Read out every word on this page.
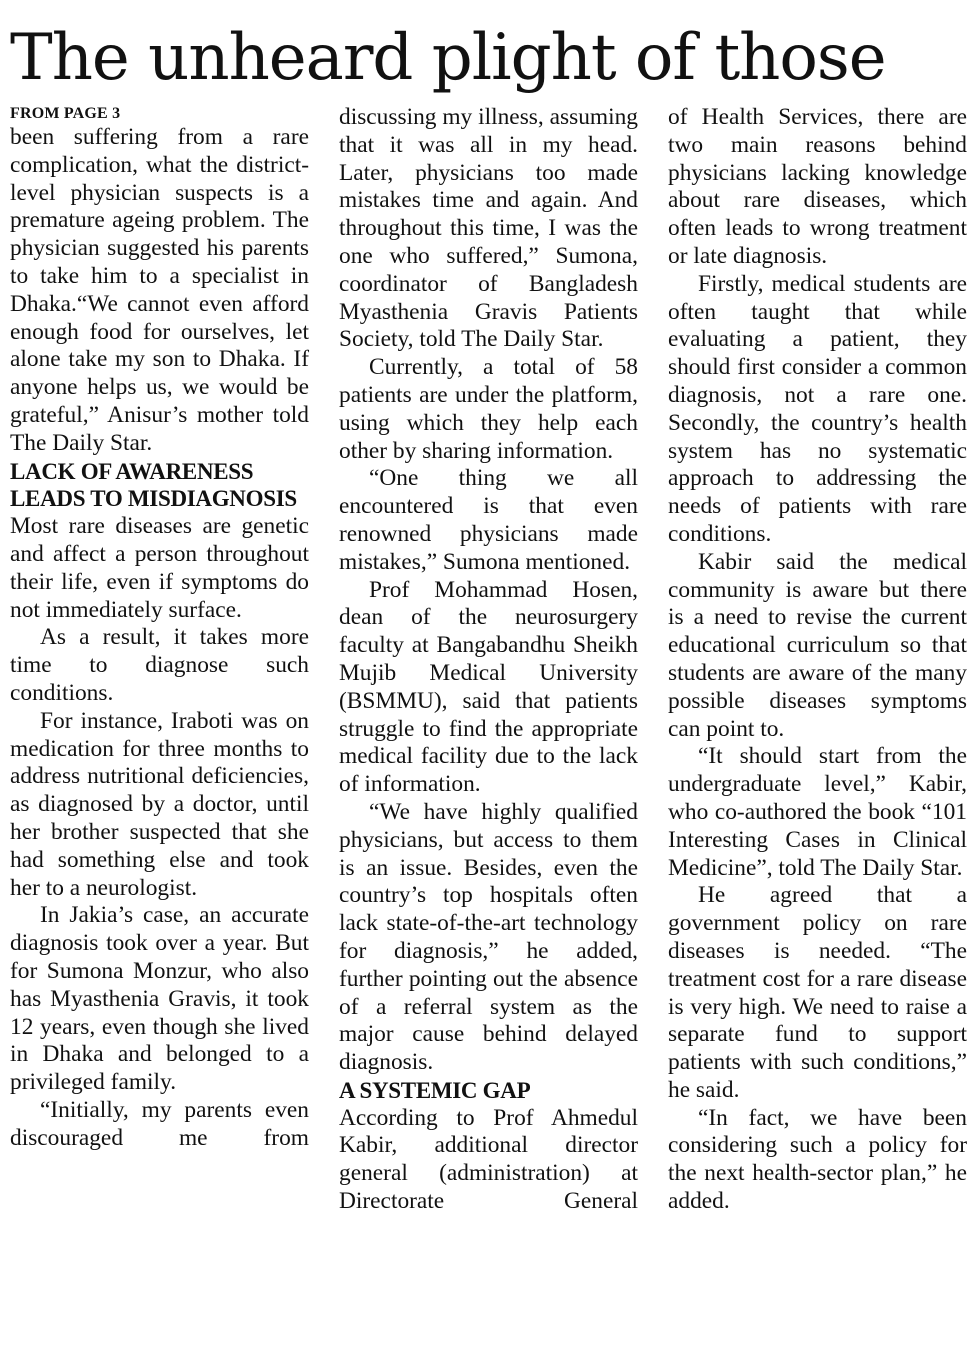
The unheard plight of those
FROM PAGE 3

been suffering from a rare complication, what the district-level physician suspects is a premature ageing problem. The physician suggested his parents to take him to a specialist in Dhaka.“We cannot even afford enough food for ourselves, let alone take my son to Dhaka. If anyone helps us, we would be grateful,” Anisur’s mother told The Daily Star.

LACK OF AWARENESS LEADS TO MISDIAGNOSIS

Most rare diseases are genetic and affect a person throughout their life, even if symptoms do not immediately surface.

As a result, it takes more time to diagnose such conditions.

For instance, Iraboti was on medication for three months to address nutritional deficiencies, as diagnosed by a doctor, until her brother suspected that she had something else and took her to a neurologist.

In Jakia’s case, an accurate diagnosis took over a year. But for Sumona Monzur, who also has Myasthenia Gravis, it took 12 years, even though she lived in Dhaka and belonged to a privileged family.

“Initially, my parents even discouraged me from

discussing my illness, assuming that it was all in my head. Later, physicians too made mistakes time and again. And throughout this time, I was the one who suffered,” Sumona, coordinator of Bangladesh Myasthenia Gravis Patients Society, told The Daily Star.

Currently, a total of 58 patients are under the platform, using which they help each other by sharing information.

“One thing we all encountered is that even renowned physicians made mistakes,” Sumona mentioned.

Prof Mohammad Hosen, dean of the neurosurgery faculty at Bangabandhu Sheikh Mujib Medical University (BSMMU), said that patients struggle to find the appropriate medical facility due to the lack of information.

“We have highly qualified physicians, but access to them is an issue. Besides, even the country’s top hospitals often lack state-of-the-art technology for diagnosis,” he added, further pointing out the absence of a referral system as the major cause behind delayed diagnosis.

A SYSTEMIC GAP

According to Prof Ahmedul Kabir, additional director general (administration) at Directorate General

of Health Services, there are two main reasons behind physicians lacking knowledge about rare diseases, which often leads to wrong treatment or late diagnosis.

Firstly, medical students are often taught that while evaluating a patient, they should first consider a common diagnosis, not a rare one. Secondly, the country’s health system has no systematic approach to addressing the needs of patients with rare conditions.

Kabir said the medical community is aware but there is a need to revise the current educational curriculum so that students are aware of the many possible diseases symptoms can point to.

“It should start from the undergraduate level,” Kabir, who co-authored the book “101 Interesting Cases in Clinical Medicine”, told The Daily Star.

He agreed that a government policy on rare diseases is needed. “The treatment cost for a rare disease is very high. We need to raise a separate fund to support patients with such conditions,” he said.

“In fact, we have been considering such a policy for the next health-sector plan,” he added.
